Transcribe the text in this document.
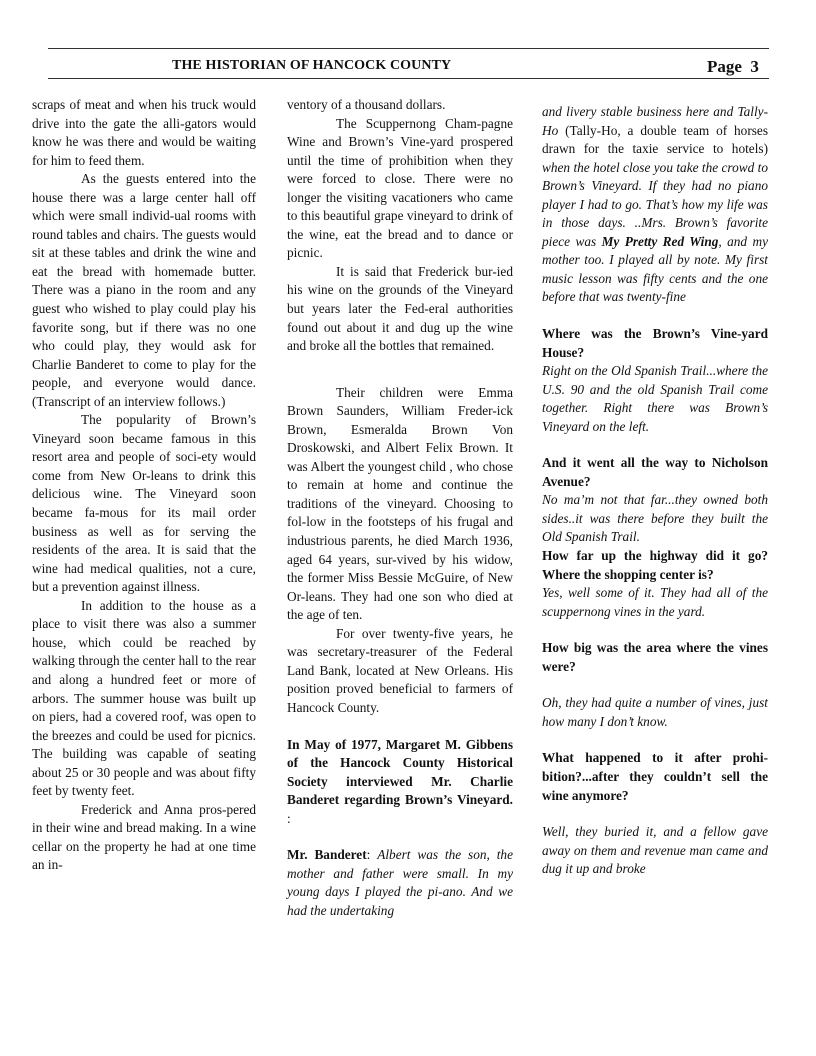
THE HISTORIAN OF HANCOCK COUNTY	Page  3

scraps of meat and when his truck would drive into the gate the alli-gators would know he was there and would be waiting for him to feed them.

As the guests entered into the house there was a large center hall off which were small individ-ual rooms with round tables and chairs. The guests would sit at these tables and drink the wine and eat the bread with homemade butter. There was a piano in the room and any guest who wished to play could play his favorite song, but if there was no one who could play, they would ask for Charlie Banderet to come to play for the people, and everyone would dance. (Transcript of an interview follows.)

The popularity of Brown’s Vineyard soon became famous in this resort area and people of soci-ety would come from New Or-leans to drink this delicious wine. The Vineyard soon became fa-mous for its mail order business as well as for serving the residents of the area. It is said that the wine had medical qualities, not a cure, but a prevention against illness.

In addition to the house as a place to visit there was also a summer house, which could be reached by walking through the center hall to the rear and along a hundred feet or more of arbors. The summer house was built up on piers, had a covered roof, was open to the breezes and could be used for picnics. The building was capable of seating about 25 or 30 people and was about fifty feet by twenty feet.

Frederick and Anna pros-pered in their wine and bread making. In a wine cellar on the property he had at one time an in-

ventory of a thousand dollars.

The Scuppernong Cham-pagne Wine and Brown’s Vine-yard prospered until the time of prohibition when they were forced to close. There were no longer the visiting vacationers who came to this beautiful grape vineyard to drink of the wine, eat the bread and to dance or picnic.

It is said that Frederick bur-ied his wine on the grounds of the Vineyard but years later the Fed-eral authorities found out about it and dug up the wine and broke all the bottles that remained.

Their children were Emma Brown Saunders, William Freder-ick Brown, Esmeralda Brown Von Droskowski, and Albert Felix Brown. It was Albert the youngest child , who chose to remain at home and continue the traditions of the vineyard. Choosing to fol-low in the footsteps of his frugal and industrious parents, he died March 1936, aged 64 years, sur-vived by his widow, the former Miss Bessie McGuire, of New Or-leans. They had one son who died at the age of ten.

For over twenty-five years, he was secretary-treasurer of the Federal Land Bank, located at New Orleans. His position proved beneficial to farmers of Hancock County.

In May of 1977, Margaret M. Gibbens of the Hancock County Historical Society interviewed Mr. Charlie Banderet regarding Brown’s Vineyard. :

Mr. Banderet: Albert was the son, the mother and father were small. In my young days I played the pi-ano. And we had the undertaking

and livery stable business here and Tally-Ho (Tally-Ho, a double team of horses drawn for the taxie service to hotels) when the hotel close you take the crowd to Brown’s Vineyard. If they had no piano player I had to go. That’s how my life was in those days. ..Mrs. Brown’s favorite piece was My Pretty Red Wing, and my mother too. I played all by note. My first music lesson was fifty cents and the one before that was twenty-fine

Where was the Brown’s Vine-yard House?

Right on the Old Spanish Trail...where the U.S. 90 and the old Spanish Trail come together. Right there was Brown’s Vineyard on the left.

And it went all the way to Nicholson Avenue?

No ma’m not that far...they owned both sides..it was there before they built the Old Spanish Trail.

How far up the highway did it go? Where the shopping center is?

Yes, well some of it. They had all of the scuppernong vines in the yard.

How big was the area where the vines were?

Oh, they had quite a number of vines, just how many I don’t know.

What happened to it after prohi-bition?...after they couldn’t sell the wine anymore?

Well, they buried it, and a fellow gave away on them and revenue man came and dug it up and broke
